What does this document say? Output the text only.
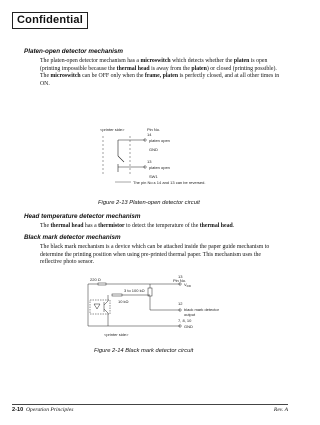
Confidential
Platen-open detector mechanism
The platen-open detector mechanism has a microswitch which detects whether the platen is open (printing impossible because the thermal head is away from the platen) or closed (printing possible). The microswitch can be OFF only when the frame, platen is perfectly closed, and at all other times in ON.
<printer side>	Pin No.
14
platen open
GND
13
platen open
SW1
The pin No.s 14 and 13 can be reversed.
Figure 2-13 Platen-open detector circuit
Head temperature detector mechanism
The thermal head has a thermistor to detect the temperature of the thermal head.
Black mark detector mechanism
The black mark mechanism is a device which can be attached inside the paper guide mechanism to determine the printing position when using pre-printed thermal paper. This mechanism uses the reflective photo sensor.
Pin No.
220 Ω
3 to 100 kΩ
10 kΩ
13
$V_{DD}$
12
black mark detector
output
7, 8, 10
GND
<printer side>
Figure 2-14 Black mark detector circuit
2-10 Operation Principles	Rev. A
